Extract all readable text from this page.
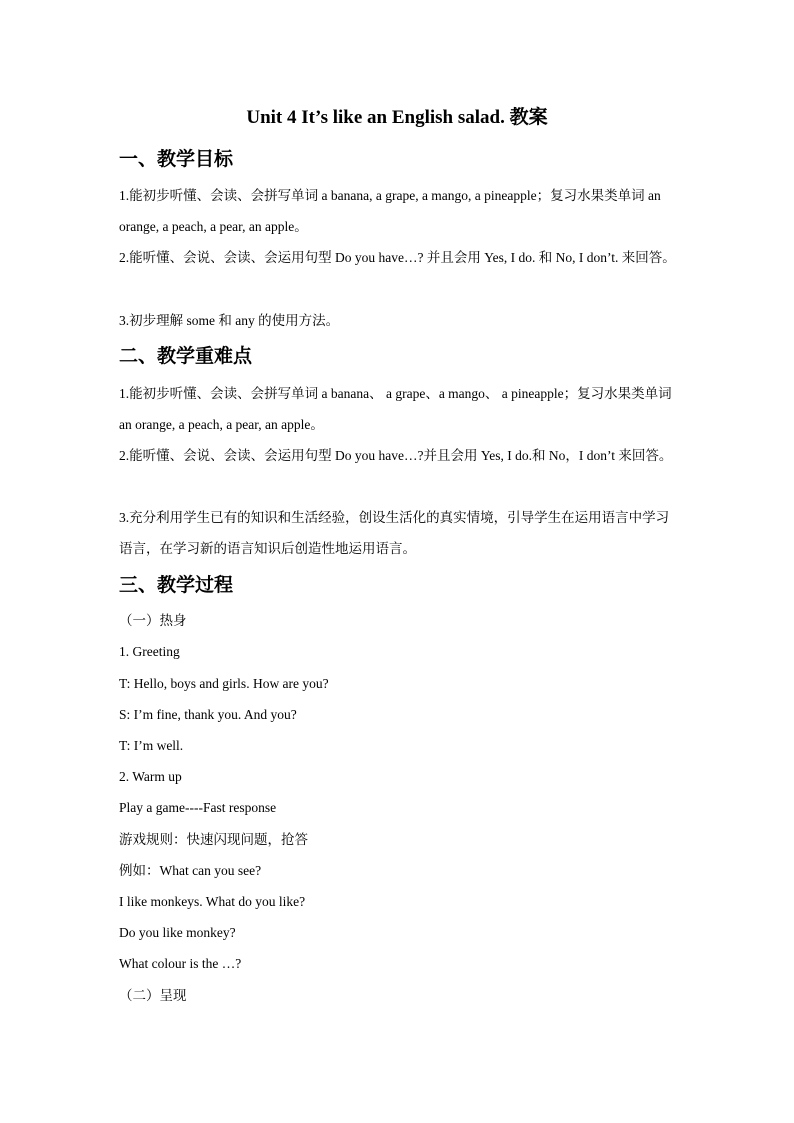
Unit 4 It’s like an English salad. 教案
一、教学目标
1.能初步听懂、会读、会拼写单词 a banana, a grape, a mango, a pineapple；复习水果类单词 an orange, a peach, a pear, an apple。
2.能听懂、会说、会读、会运用句型 Do you have…? 并且会用 Yes, I do. 和 No, I don’t. 来回答。
3.初步理解 some 和 any 的使用方法。
二、教学重难点
1.能初步听懂、会读、会拼写单词 a banana、 a grape、a mango、 a pineapple；复习水果类单词 an orange, a peach, a pear, an apple。
2.能听懂、会说、会读、会运用句型 Do you have…?并且会用 Yes, I do.和 No，I don’t 来回答。
3.充分利用学生已有的知识和生活经验，创设生活化的真实情境，引导学生在运用语言中学习语言，在学习新的语言知识后创造性地运用语言。
三、教学过程
（一）热身
1. Greeting
T: Hello, boys and girls. How are you?
S: I’m fine, thank you. And you?
T: I’m well.
2. Warm up
Play a game----Fast response
游戏规则：快速闪现问题，抢答
例如：What can you see?
I like monkeys. What do you like?
Do you like monkey?
What colour is the …?
（二）呈现
